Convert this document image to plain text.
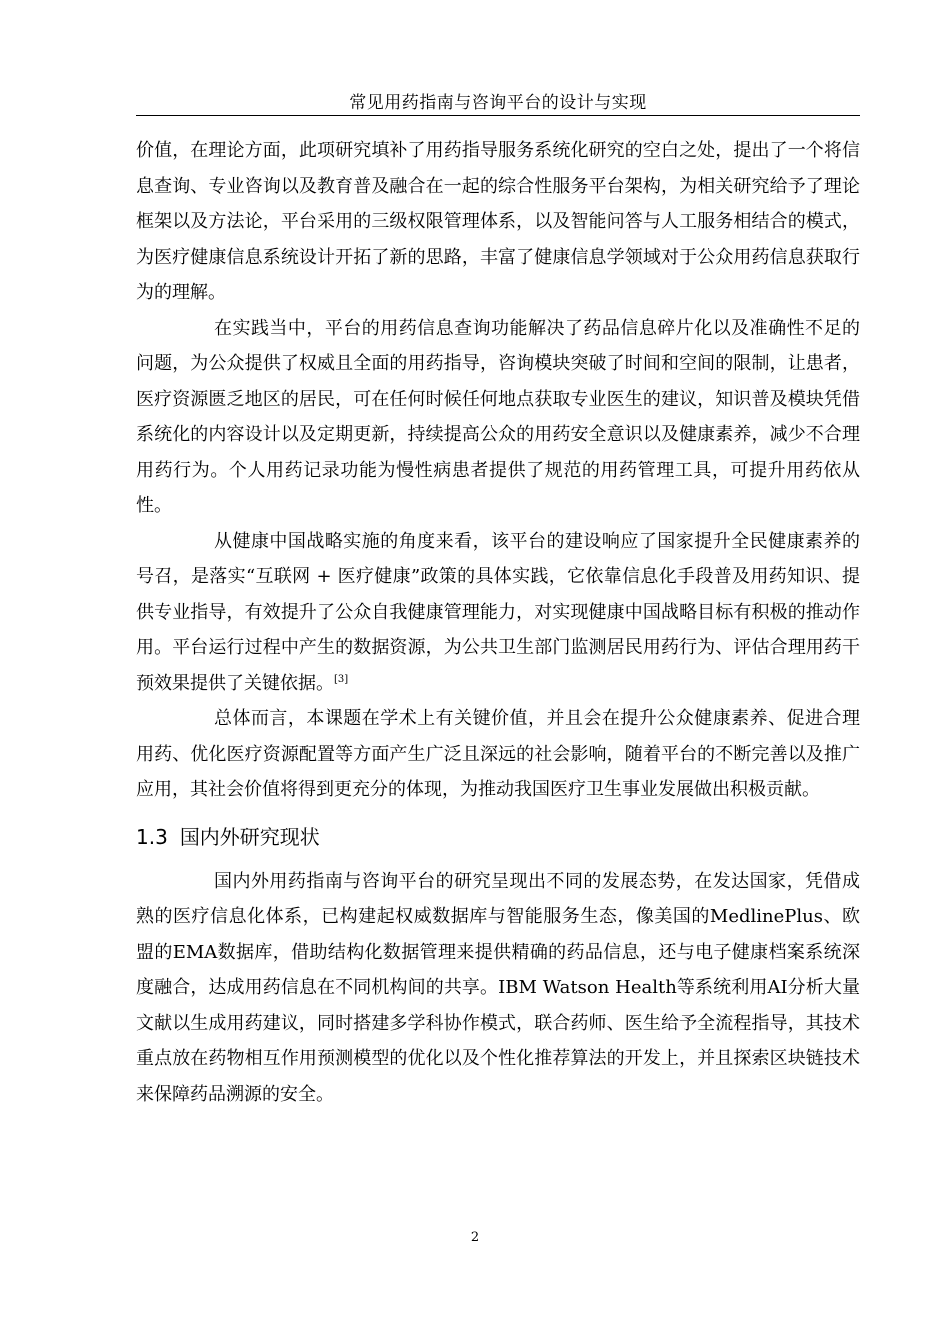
常见用药指南与咨询平台的设计与实现

价值，在理论方面，此项研究填补了用药指导服务系统化研究的空白之处，提出了一个将信息查询、专业咨询以及教育普及融合在一起的综合性服务平台架构，为相关研究给予了理论框架以及方法论，平台采用的三级权限管理体系，以及智能问答与人工服务相结合的模式，为医疗健康信息系统设计开拓了新的思路，丰富了健康信息学领域对于公众用药信息获取行为的理解。

在实践当中，平台的用药信息查询功能解决了药品信息碎片化以及准确性不足的问题，为公众提供了权威且全面的用药指导，咨询模块突破了时间和空间的限制，让患者，医疗资源匮乏地区的居民，可在任何时候任何地点获取专业医生的建议，知识普及模块凭借系统化的内容设计以及定期更新，持续提高公众的用药安全意识以及健康素养，减少不合理用药行为。个人用药记录功能为慢性病患者提供了规范的用药管理工具，可提升用药依从性。

从健康中国战略实施的角度来看，该平台的建设响应了国家提升全民健康素养的号召，是落实“互联网 + 医疗健康”政策的具体实践，它依靠信息化手段普及用药知识、提供专业指导，有效提升了公众自我健康管理能力，对实现健康中国战略目标有积极的推动作用。平台运行过程中产生的数据资源，为公共卫生部门监测居民用药行为、评估合理用药干预效果提供了关键依据。[3]

总体而言，本课题在学术上有关键价值，并且会在提升公众健康素养、促进合理用药、优化医疗资源配置等方面产生广泛且深远的社会影响，随着平台的不断完善以及推广应用，其社会价值将得到更充分的体现，为推动我国医疗卫生事业发展做出积极贡献。

1.3 国内外研究现状

国内外用药指南与咨询平台的研究呈现出不同的发展态势，在发达国家，凭借成熟的医疗信息化体系，已构建起权威数据库与智能服务生态，像美国的MedlinePlus、欧盟的EMA数据库，借助结构化数据管理来提供精确的药品信息，还与电子健康档案系统深度融合，达成用药信息在不同机构间的共享。IBM Watson Health等系统利用AI分析大量文献以生成用药建议，同时搭建多学科协作模式，联合药师、医生给予全流程指导，其技术重点放在药物相互作用预测模型的优化以及个性化推荐算法的开发上，并且探索区块链技术来保障药品溯源的安全。

2
